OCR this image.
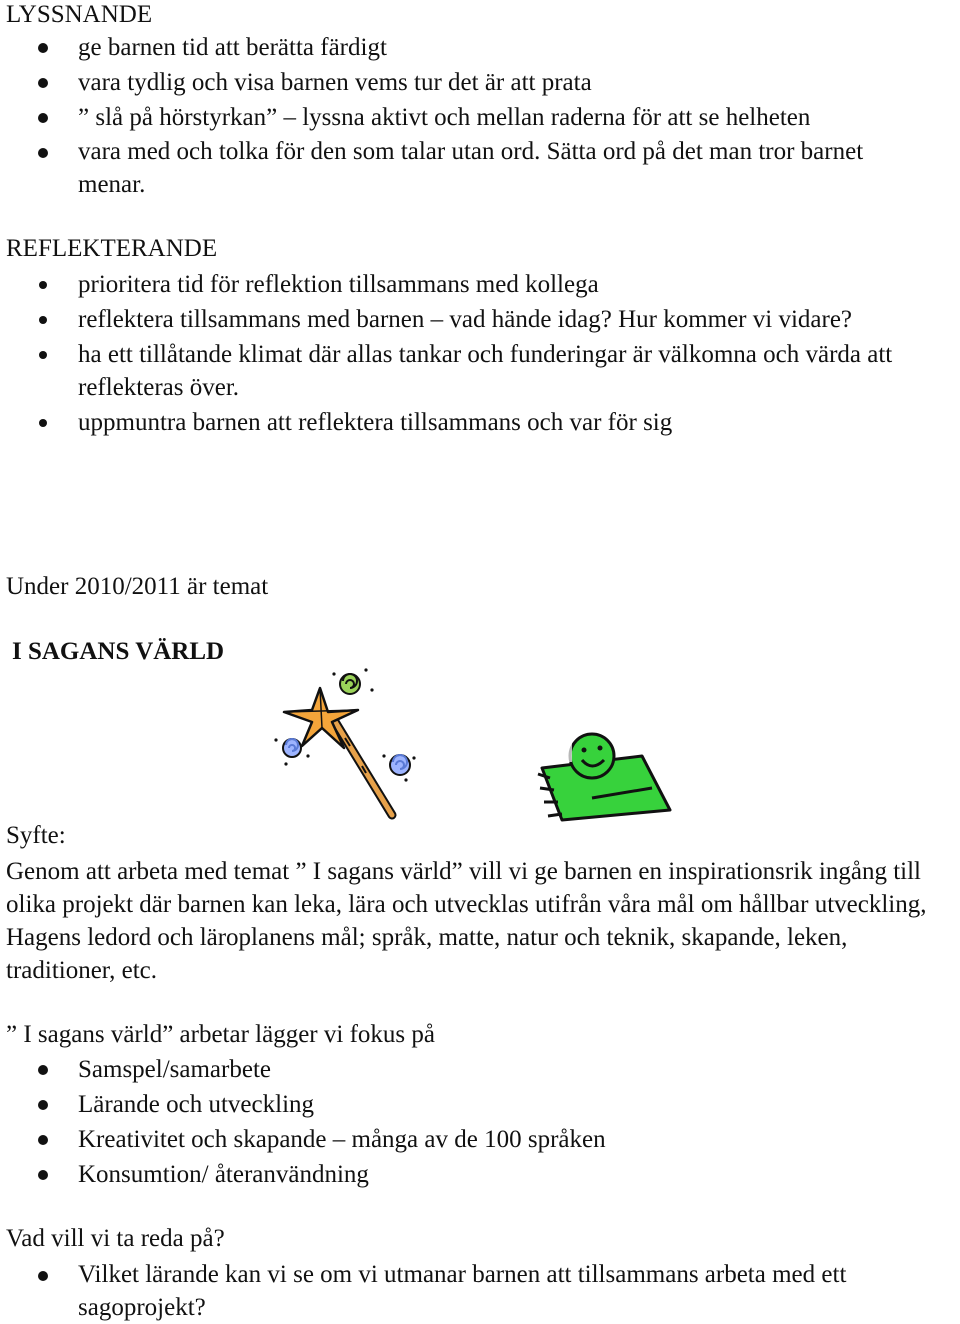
LYSSNANDE
ge barnen tid att berätta färdigt
vara tydlig och visa barnen vems tur det är att prata
” slå på hörstyrkan” – lyssna aktivt och mellan raderna för att se helheten
vara med och tolka för den som talar utan ord. Sätta ord på det man tror barnet menar.
REFLEKTERANDE
prioritera tid för reflektion tillsammans med kollega
reflektera tillsammans med barnen – vad hände idag? Hur kommer vi vidare?
ha ett tillåtande klimat där allas tankar och funderingar är välkomna och värda att reflekteras över.
uppmuntra barnen att reflektera tillsammans och var för sig
Under 2010/2011 är temat
I SAGANS VÄRLD
Syfte:
Genom att arbeta med temat ” I sagans värld” vill vi ge barnen en inspirationsrik ingång till olika projekt där barnen kan leka, lära och utvecklas utifrån våra mål om hållbar utveckling, Hagens ledord och läroplanens mål; språk, matte, natur och teknik, skapande, leken, traditioner, etc.
” I sagans värld” arbetar lägger vi fokus på
Samspel/samarbete
Lärande och utveckling
Kreativitet och skapande – många av de 100 språken
Konsumtion/ återanvändning
Vad vill vi ta reda på?
Vilket lärande kan vi se om vi utmanar barnen att tillsammans arbeta med ett sagoprojekt?
